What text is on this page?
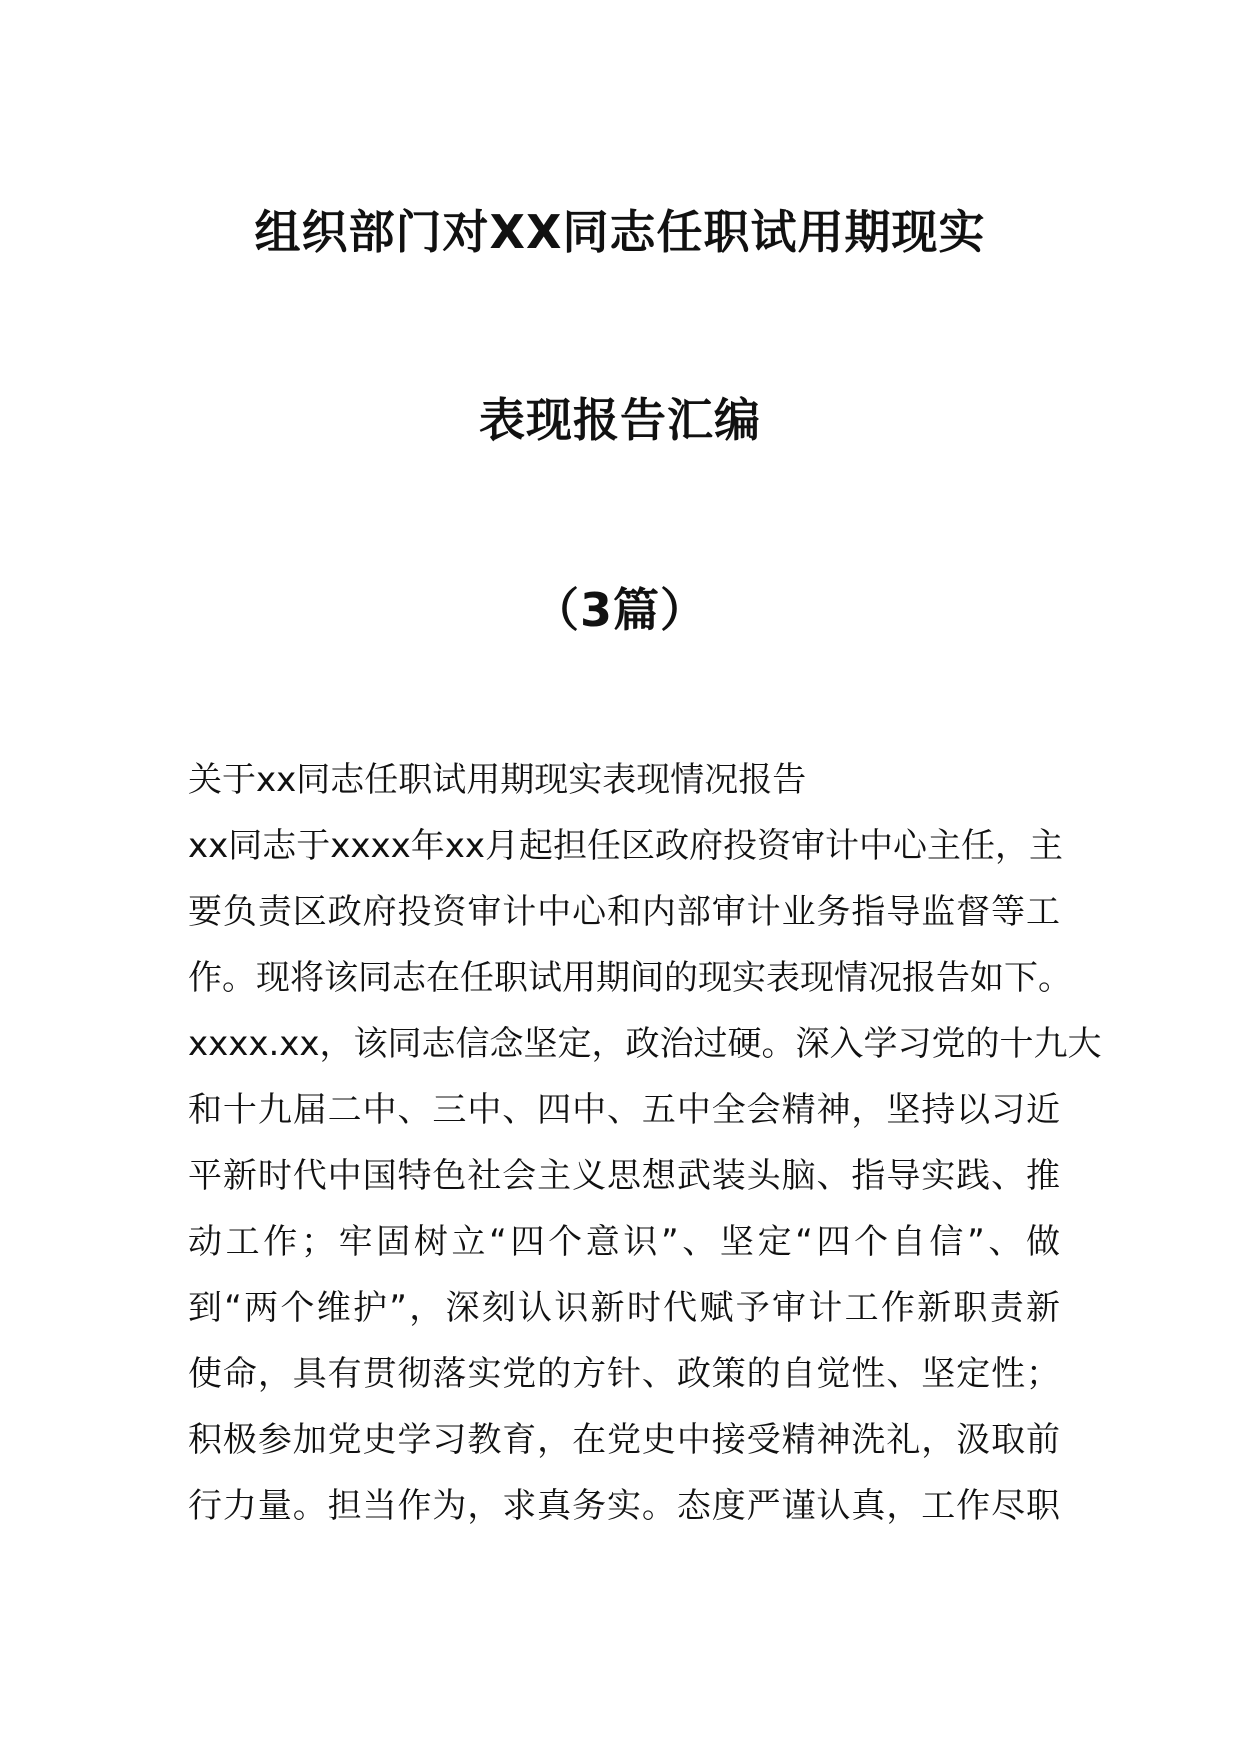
组织部门对XX同志任职试用期现实
表现报告汇编
（3篇）
关于xx同志任职试用期现实表现情况报告
xx同志于xxxx年xx月起担任区政府投资审计中心主任，主
要负责区政府投资审计中心和内部审计业务指导监督等工
作。现将该同志在任职试用期间的现实表现情况报告如下。
xxxx.xx，该同志信念坚定，政治过硬。深入学习党的十九大
和十九届二中、三中、四中、五中全会精神，坚持以习近
平新时代中国特色社会主义思想武装头脑、指导实践、推
动工作；牢固树立“四个意识”、坚定“四个自信”、做
到“两个维护”，深刻认识新时代赋予审计工作新职责新
使命，具有贯彻落实党的方针、政策的自觉性、坚定性；
积极参加党史学习教育，在党史中接受精神洗礼，汲取前
行力量。担当作为，求真务实。态度严谨认真，工作尽职
